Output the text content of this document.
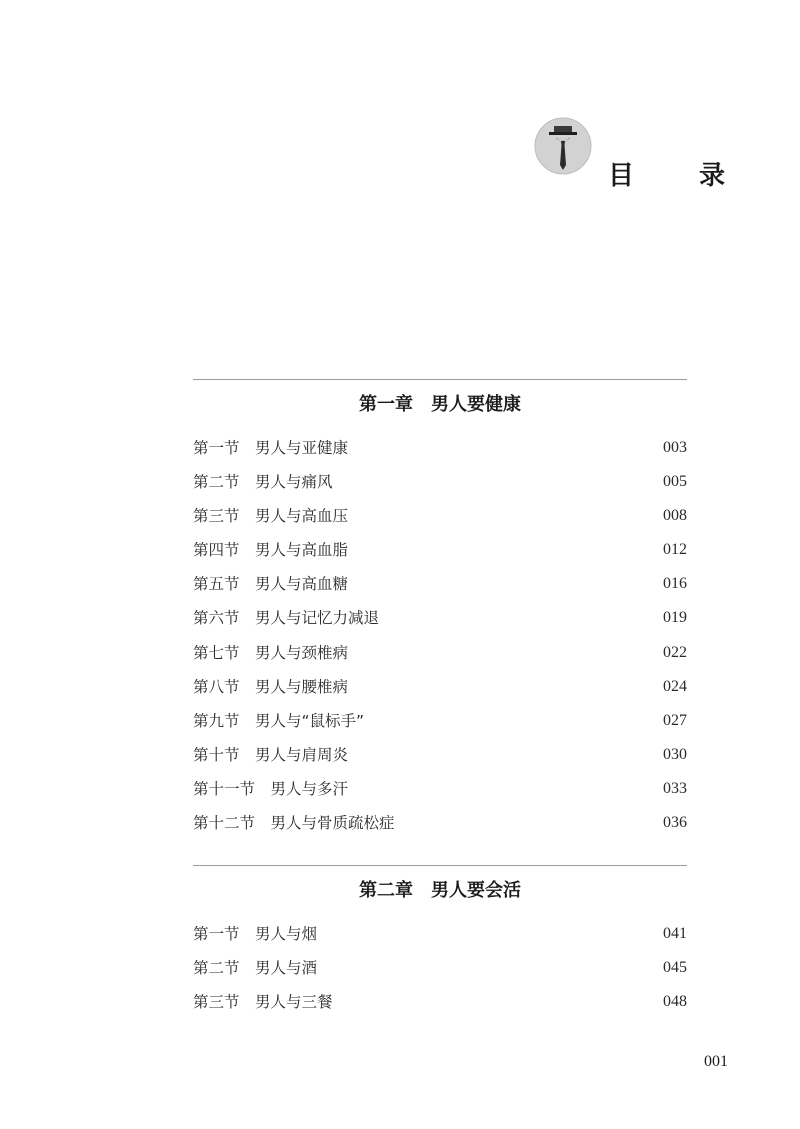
目 录
第一章　男人要健康
第一节　男人与亚健康	003
第二节　男人与痛风	005
第三节　男人与高血压	008
第四节　男人与高血脂	012
第五节　男人与高血糖	016
第六节　男人与记忆力减退	019
第七节　男人与颈椎病	022
第八节　男人与腰椎病	024
第九节　男人与“鼠标手”	027
第十节　男人与肩周炎	030
第十一节　男人与多汗	033
第十二节　男人与骨质疏松症	036
第二章　男人要会活
第一节　男人与烟	041
第二节　男人与酒	045
第三节　男人与三餐	048
001
